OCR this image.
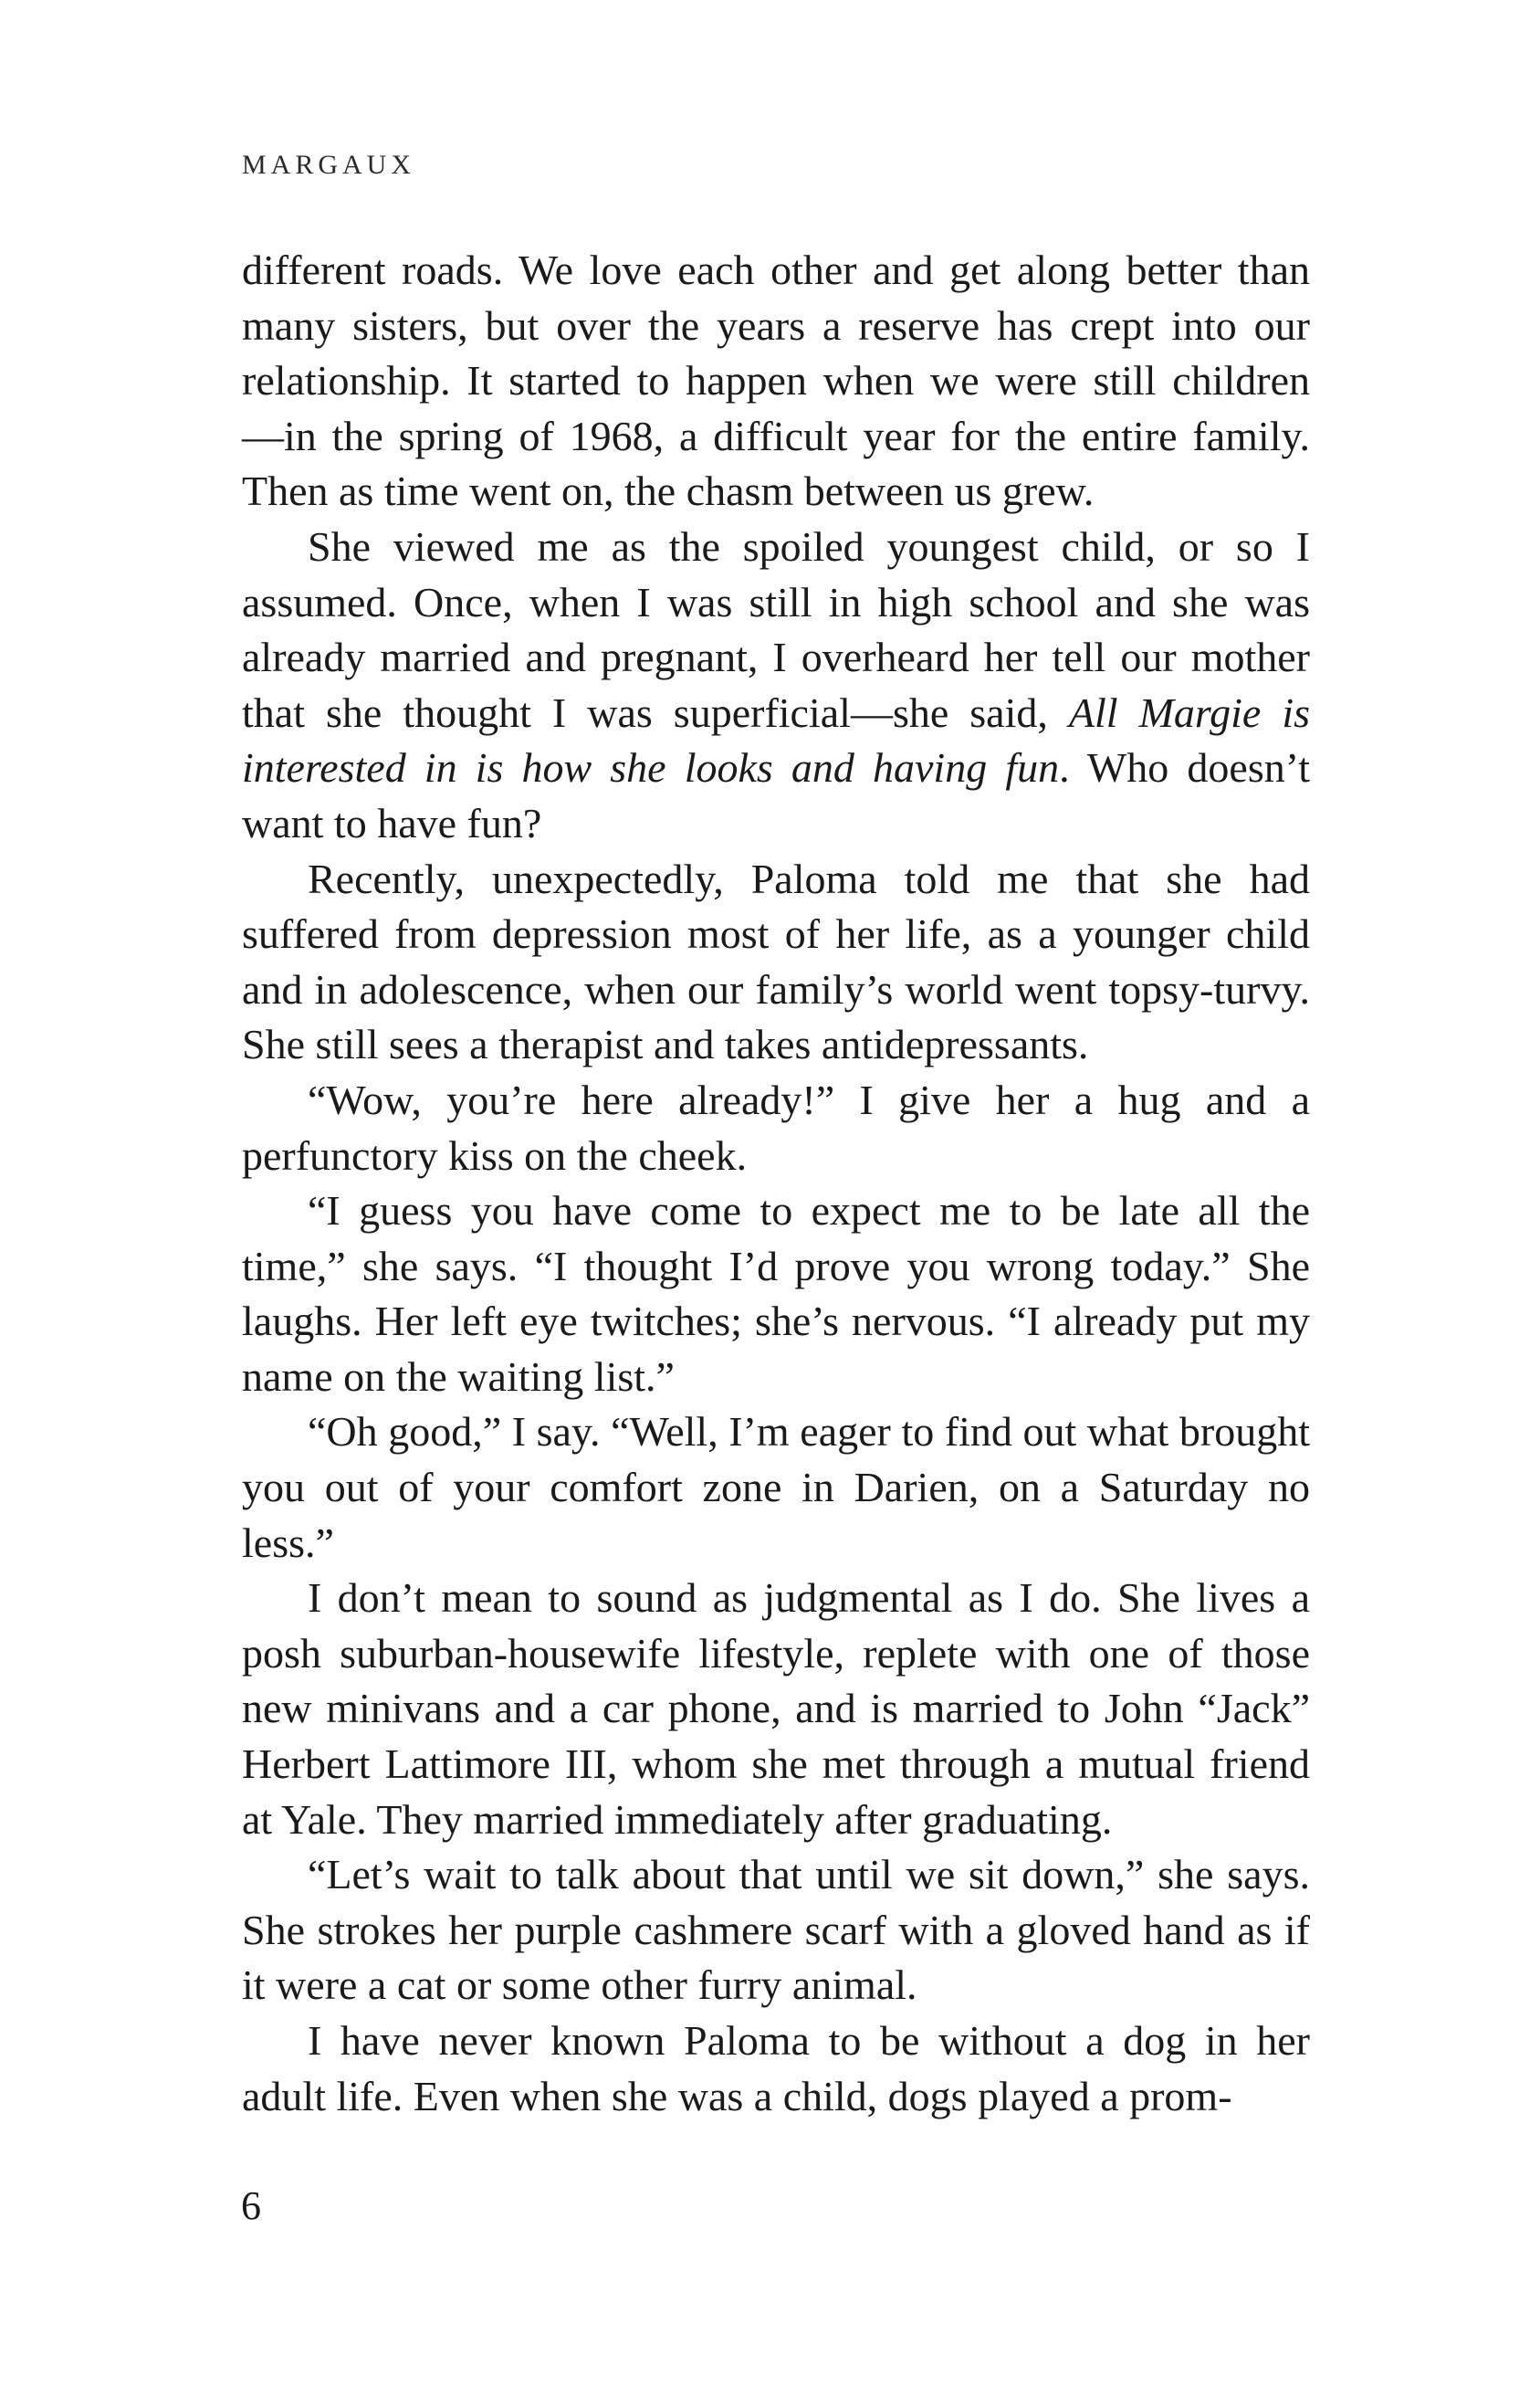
MARGAUX

different roads. We love each other and get along better than many sisters, but over the years a reserve has crept into our relationship. It started to happen when we were still children —in the spring of 1968, a difficult year for the entire family. Then as time went on, the chasm between us grew.

She viewed me as the spoiled youngest child, or so I assumed. Once, when I was still in high school and she was already married and pregnant, I overheard her tell our mother that she thought I was superficial—she said, All Margie is interested in is how she looks and having fun. Who doesn’t want to have fun?

Recently, unexpectedly, Paloma told me that she had suffered from depression most of her life, as a younger child and in adolescence, when our family’s world went topsy-turvy. She still sees a therapist and takes antidepressants.

“Wow, you’re here already!” I give her a hug and a perfunctory kiss on the cheek.

“I guess you have come to expect me to be late all the time,” she says. “I thought I’d prove you wrong today.” She laughs. Her left eye twitches; she’s nervous. “I already put my name on the waiting list.”

“Oh good,” I say. “Well, I’m eager to find out what brought you out of your comfort zone in Darien, on a Saturday no less.”

I don’t mean to sound as judgmental as I do. She lives a posh suburban-housewife lifestyle, replete with one of those new minivans and a car phone, and is married to John “Jack” Herbert Lattimore III, whom she met through a mutual friend at Yale. They married immediately after graduating.

“Let’s wait to talk about that until we sit down,” she says. She strokes her purple cashmere scarf with a gloved hand as if it were a cat or some other furry animal.

I have never known Paloma to be without a dog in her adult life. Even when she was a child, dogs played a prom-

6
